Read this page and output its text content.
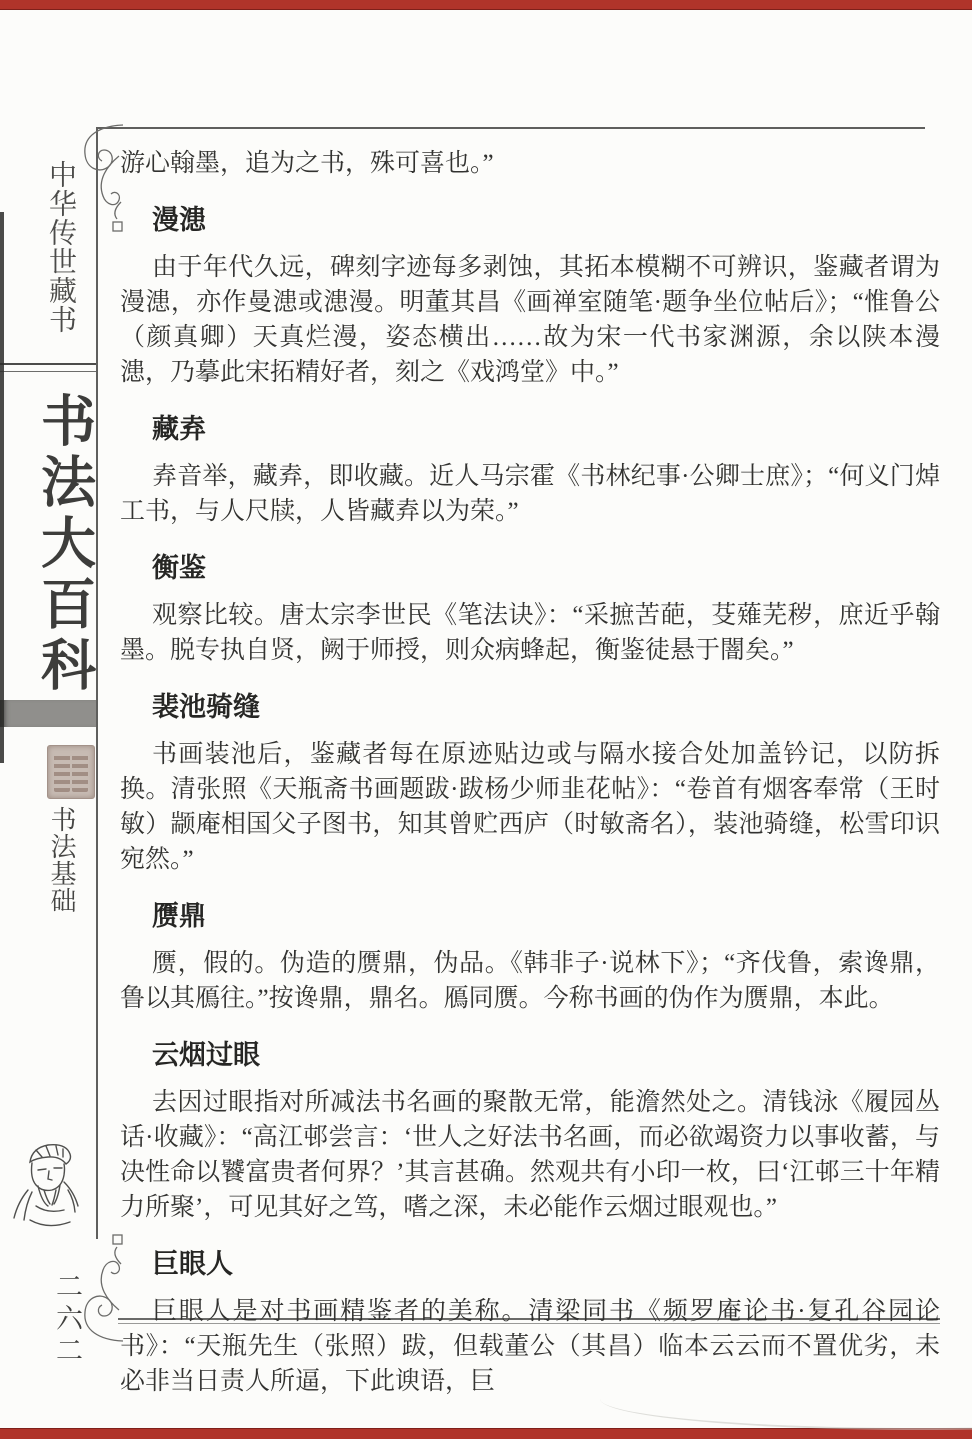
中华传世藏书
书法大百科
书法基础
二六二

游心翰墨，追为之书，殊可喜也。”

漫漶

由于年代久远，碑刻字迹每多剥蚀，其拓本模糊不可辨识，鉴藏者谓为漫漶，亦作曼漶或漶漫。明董其昌《画禅室随笔·题争坐位帖后》；“惟鲁公（颜真卿）天真烂漫，姿态横出……故为宋一代书家渊源，余以陕本漫漶，乃摹此宋拓精好者，刻之《戏鸿堂》中。”

藏弆

弆音举，藏弆，即收藏。近人马宗霍《书林纪事·公卿士庶》；“何义门焯工书，与人尺牍，人皆藏弆以为荣。”

衡鉴

观察比较。唐太宗李世民《笔法诀》：“采摭苦葩，芟薙芜秽，庶近乎翰墨。脱专执自贤，阙于师授，则众病蜂起，衡鉴徒悬于闇矣。”

裴池骑缝

书画装池后，鉴藏者每在原迹贴边或与隔水接合处加盖钤记，以防拆换。清张照《天瓶斋书画题跋·跋杨少师韭花帖》：“卷首有烟客奉常（王时敏）颛庵相国父子图书，知其曾贮西庐（时敏斋名），装池骑缝，松雪印识宛然。”

赝鼎

赝，假的。伪造的赝鼎，伪品。《韩非子·说林下》；“齐伐鲁，索谗鼎，鲁以其鴈往。”按谗鼎，鼎名。鴈同赝。今称书画的伪作为赝鼎，本此。

云烟过眼

去因过眼指对所减法书名画的聚散无常，能澹然处之。清钱泳《履园丛话·收藏》：“高江邨尝言：‘世人之好法书名画，而必欲竭资力以事收蓄，与决性命以饕富贵者何界？’其言甚确。然观共有小印一枚，曰‘江邨三十年精力所聚’，可见其好之笃，嗜之深，未必能作云烟过眼观也。”

巨眼人

巨眼人是对书画精鉴者的美称。清梁同书《频罗庵论书·复孔谷园论书》：“天瓶先生（张照）跋，但载董公（其昌）临本云云而不置优劣，未必非当日责人所逼，下此谀语，巨
